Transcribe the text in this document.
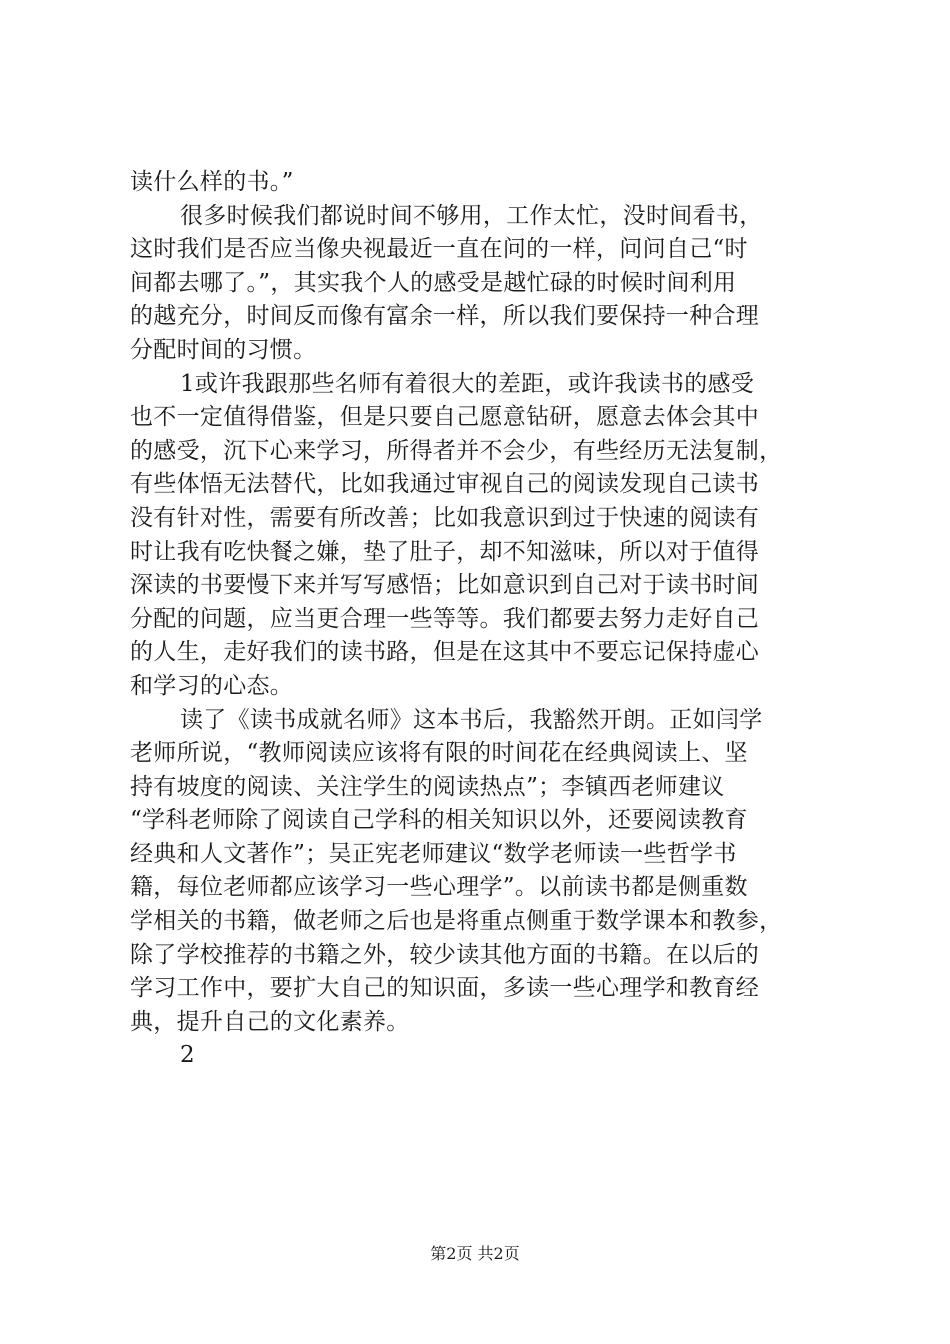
读什么样的书。”
很多时候我们都说时间不够用，工作太忙，没时间看书，
这时我们是否应当像央视最近一直在问的一样，问问自己“时
间都去哪了。”，其实我个人的感受是越忙碌的时候时间利用
的越充分，时间反而像有富余一样，所以我们要保持一种合理
分配时间的习惯。
1或许我跟那些名师有着很大的差距，或许我读书的感受
也不一定值得借鉴，但是只要自己愿意钻研，愿意去体会其中
的感受，沉下心来学习，所得者并不会少，有些经历无法复制，
有些体悟无法替代，比如我通过审视自己的阅读发现自己读书
没有针对性，需要有所改善；比如我意识到过于快速的阅读有
时让我有吃快餐之嫌，垫了肚子，却不知滋味，所以对于值得
深读的书要慢下来并写写感悟；比如意识到自己对于读书时间
分配的问题，应当更合理一些等等。我们都要去努力走好自己
的人生，走好我们的读书路，但是在这其中不要忘记保持虚心
和学习的心态。
读了《读书成就名师》这本书后，我豁然开朗。正如闫学
老师所说，“教师阅读应该将有限的时间花在经典阅读上、坚
持有坡度的阅读、关注学生的阅读热点”；李镇西老师建议
“学科老师除了阅读自己学科的相关知识以外，还要阅读教育
经典和人文著作”；吴正宪老师建议“数学老师读一些哲学书
籍，每位老师都应该学习一些心理学”。以前读书都是侧重数
学相关的书籍，做老师之后也是将重点侧重于数学课本和教参，
除了学校推荐的书籍之外，较少读其他方面的书籍。在以后的
学习工作中，要扩大自己的知识面，多读一些心理学和教育经
典，提升自己的文化素养。
2
第2页 共2页
